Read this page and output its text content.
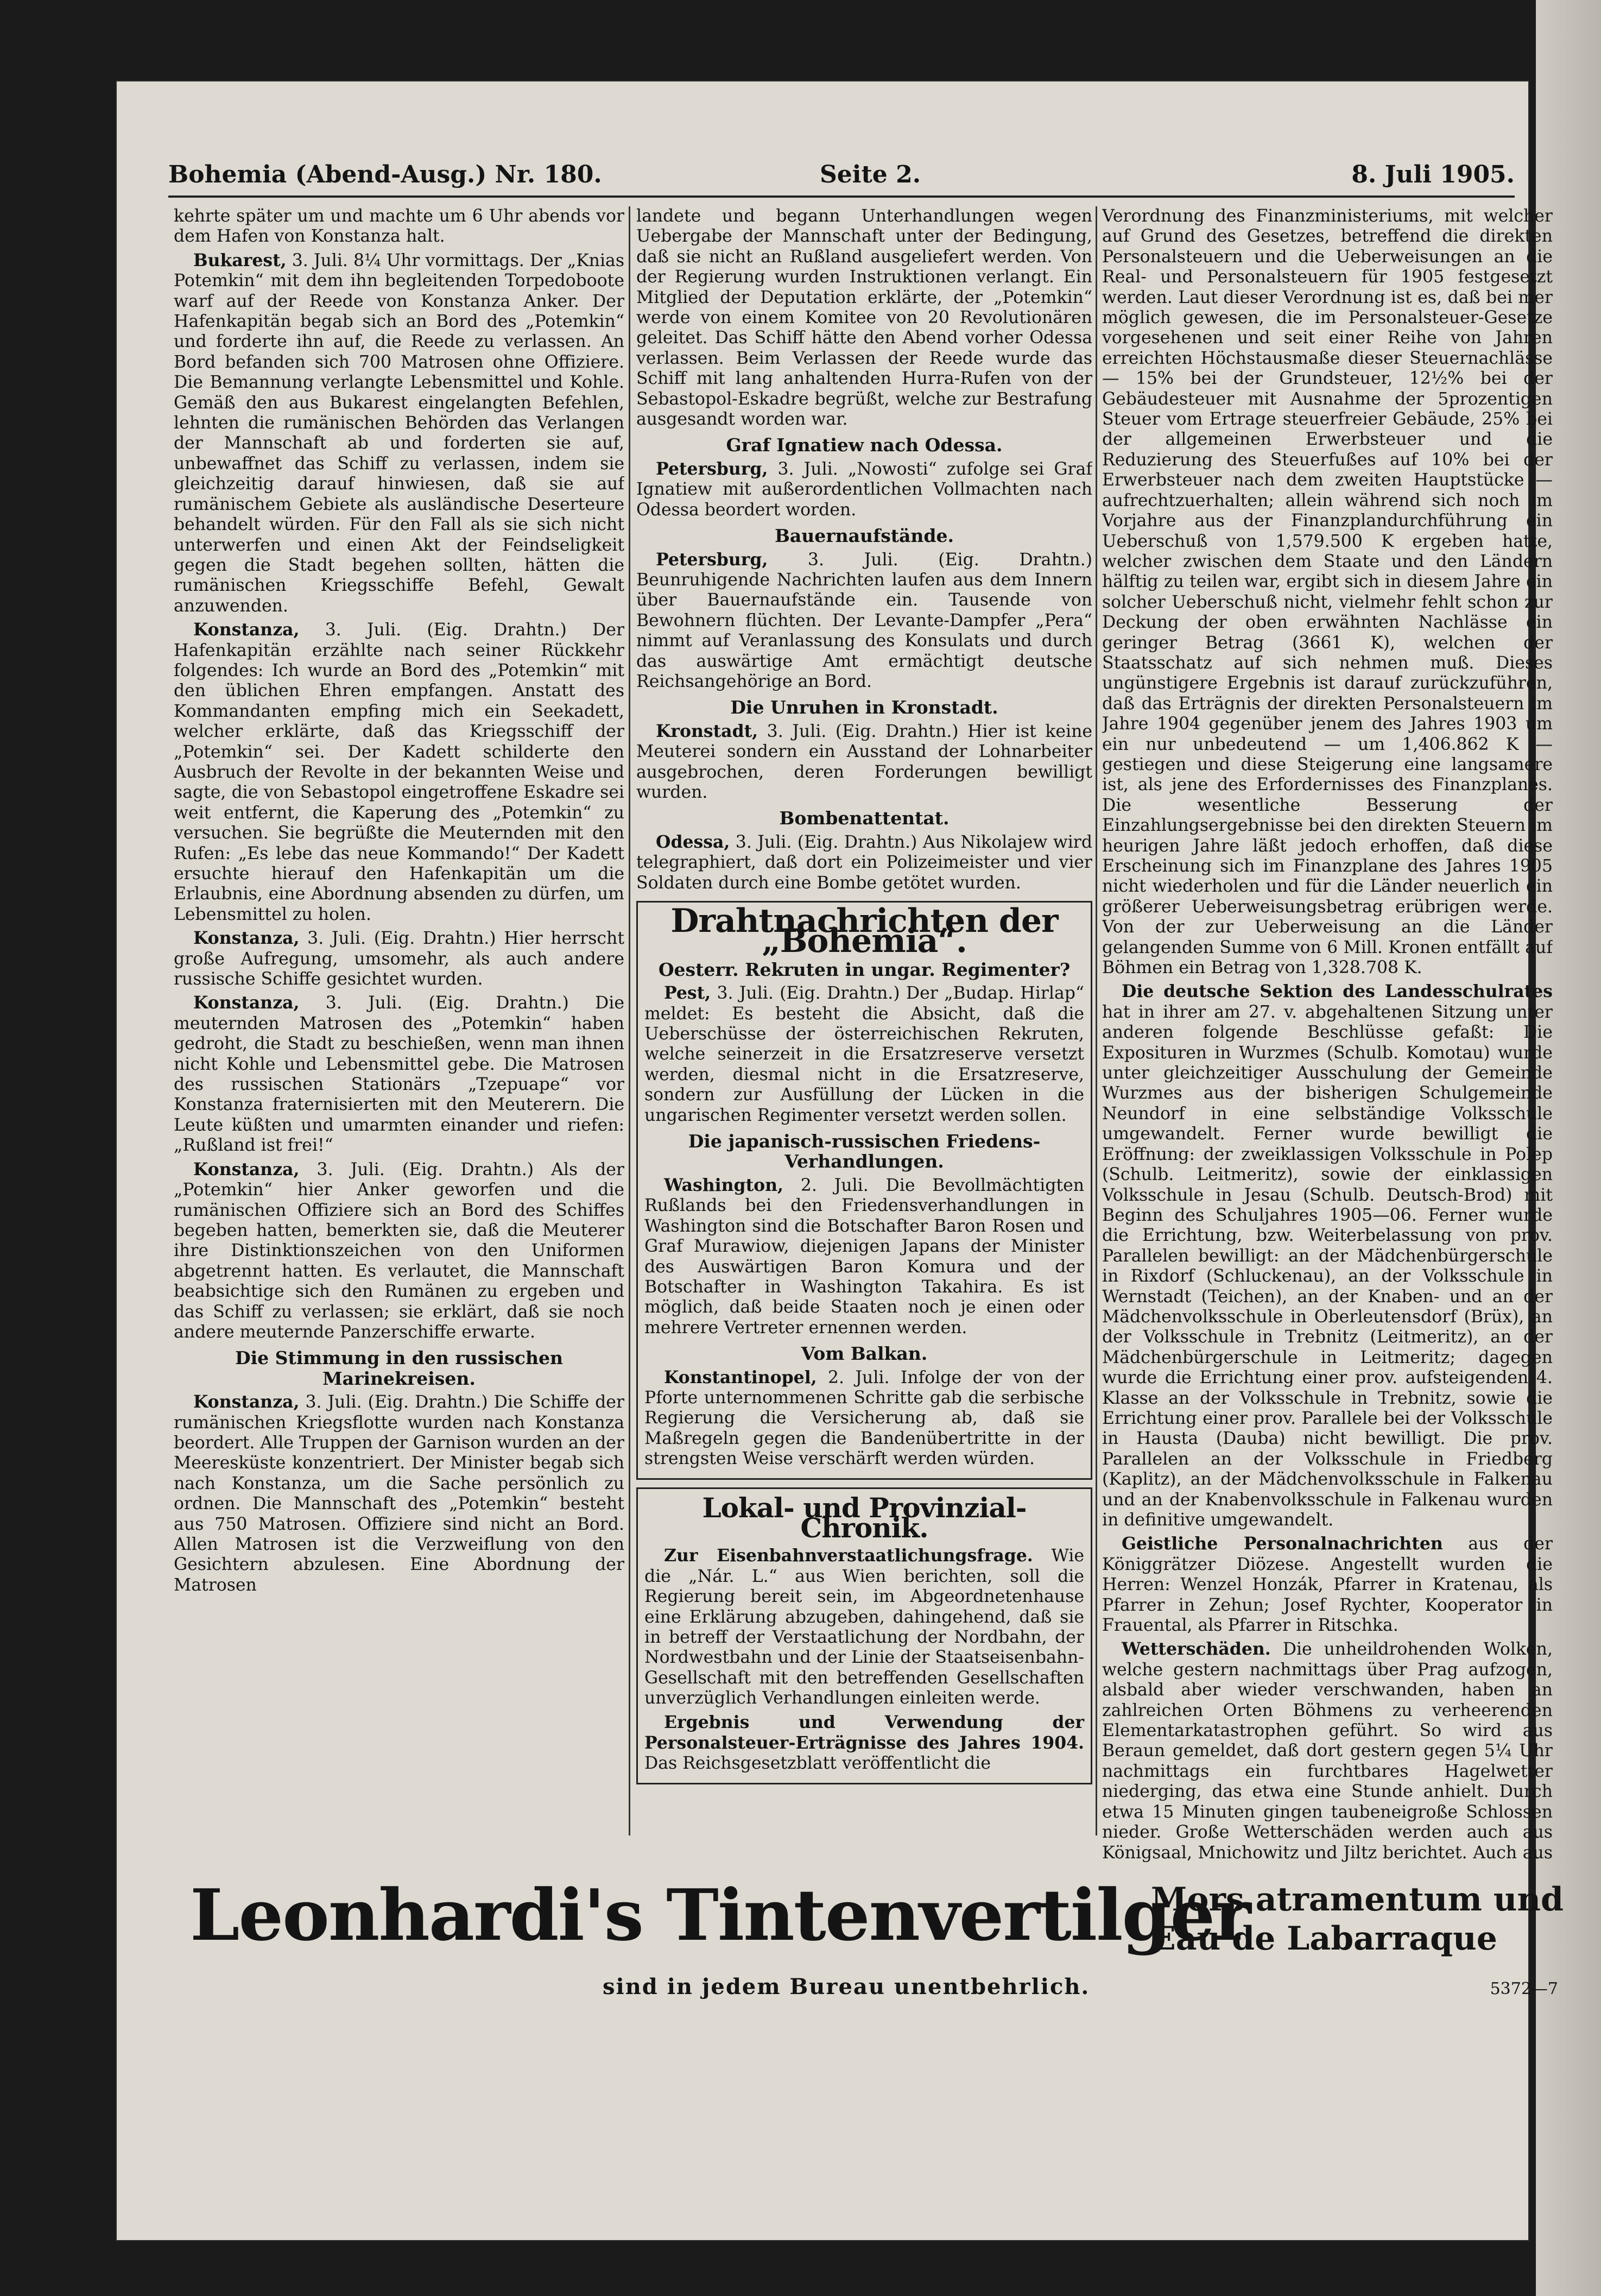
Bohemia (Abend-Ausg.) Nr. 180.	Seite 2.	8. Juli 1905.

kehrte später um und machte um 6 Uhr abends vor dem Hafen von Konstanza halt.

Bukarest, 3. Juli. 8¼ Uhr vormittags. Der „Knias Potemkin“ mit dem ihn begleitenden Torpedoboote warf auf der Reede von Konstanza Anker. Der Hafenkapitän begab sich an Bord des „Potemkin“ und forderte ihn auf, die Reede zu verlassen. An Bord befanden sich 700 Matrosen ohne Offiziere. Die Bemannung verlangte Lebensmittel und Kohle. Gemäß den aus Bukarest eingelangten Befehlen, lehnten die rumänischen Behörden das Verlangen der Mannschaft ab und forderten sie auf, unbewaffnet das Schiff zu verlassen, indem sie gleichzeitig darauf hinwiesen, daß sie auf rumänischem Gebiete als ausländische Deserteure behandelt würden. Für den Fall als sie sich nicht unterwerfen und einen Akt der Feindseligkeit gegen die Stadt begehen sollten, hätten die rumänischen Kriegsschiffe Befehl, Gewalt anzuwenden.

Konstanza, 3. Juli. (Eig. Drahtn.) Der Hafenkapitän erzählte nach seiner Rückkehr folgendes: Ich wurde an Bord des „Potemkin“ mit den üblichen Ehren empfangen. Anstatt des Kommandanten empfing mich ein Seekadett, welcher erklärte, daß das Kriegsschiff der „Potemkin“ sei. Der Kadett schilderte den Ausbruch der Revolte in der bekannten Weise und sagte, die von Sebastopol eingetroffene Eskadre sei weit entfernt, die Kaperung des „Potemkin“ zu versuchen. Sie begrüßte die Meuternden mit den Rufen: „Es lebe das neue Kommando!“ Der Kadett ersuchte hierauf den Hafenkapitän um die Erlaubnis, eine Abordnung absenden zu dürfen, um Lebensmittel zu holen.

Konstanza, 3. Juli. (Eig. Drahtn.) Hier herrscht große Aufregung, umsomehr, als auch andere russische Schiffe gesichtet wurden.

Konstanza, 3. Juli. (Eig. Drahtn.) Die meuternden Matrosen des „Potemkin“ haben gedroht, die Stadt zu beschießen, wenn man ihnen nicht Kohle und Lebensmittel gebe. Die Matrosen des russischen Stationärs „Tzepuape“ vor Konstanza fraternisierten mit den Meuterern. Die Leute küßten und umarmten einander und riefen: „Rußland ist frei!“

Konstanza, 3. Juli. (Eig. Drahtn.) Als der „Potemkin“ hier Anker geworfen und die rumänischen Offiziere sich an Bord des Schiffes begeben hatten, bemerkten sie, daß die Meuterer ihre Distinktionszeichen von den Uniformen abgetrennt hatten. Es verlautet, die Mannschaft beabsichtige sich den Rumänen zu ergeben und das Schiff zu verlassen; sie erklärt, daß sie noch andere meuternde Panzerschiffe erwarte.

Die Stimmung in den russischen Marinekreisen.

Konstanza, 3. Juli. (Eig. Drahtn.) Die Schiffe der rumänischen Kriegsflotte wurden nach Konstanza beordert. Alle Truppen der Garnison wurden an der Meeresküste konzentriert. Der Minister begab sich nach Konstanza, um die Sache persönlich zu ordnen. Die Mannschaft des „Potemkin“ besteht aus 750 Matrosen. Offiziere sind nicht an Bord. Allen Matrosen ist die Verzweiflung von den Gesichtern abzulesen. Eine Abordnung der Matrosen

landete und begann Unterhandlungen wegen Uebergabe der Mannschaft unter der Bedingung, daß sie nicht an Rußland ausgeliefert werden. Von der Regierung wurden Instruktionen verlangt. Ein Mitglied der Deputation erklärte, der „Potemkin“ werde von einem Komitee von 20 Revolutionären geleitet. Das Schiff hätte den Abend vorher Odessa verlassen. Beim Verlassen der Reede wurde das Schiff mit lang anhaltenden Hurra-Rufen von der Sebastopol-Eskadre begrüßt, welche zur Bestrafung ausgesandt worden war.

Graf Ignatiew nach Odessa.

Petersburg, 3. Juli. „Nowosti“ zufolge sei Graf Ignatiew mit außerordentlichen Vollmachten nach Odessa beordert worden.

Bauernaufstände.

Petersburg, 3. Juli. (Eig. Drahtn.) Beunruhigende Nachrichten laufen aus dem Innern über Bauernaufstände ein. Tausende von Bewohnern flüchten. Der Levante-Dampfer „Pera“ nimmt auf Veranlassung des Konsulats und durch das auswärtige Amt ermächtigt deutsche Reichsangehörige an Bord.

Die Unruhen in Kronstadt.

Kronstadt, 3. Juli. (Eig. Drahtn.) Hier ist keine Meuterei sondern ein Ausstand der Lohnarbeiter ausgebrochen, deren Forderungen bewilligt wurden.

Bombenattentat.

Odessa, 3. Juli. (Eig. Drahtn.) Aus Nikolajew wird telegraphiert, daß dort ein Polizeimeister und vier Soldaten durch eine Bombe getötet wurden.

Drahtnachrichten der „Bohemia“.
Oesterr. Rekruten in ungar. Regimenter?

Pest, 3. Juli. (Eig. Drahtn.) Der „Budap. Hirlap“ meldet: Es besteht die Absicht, daß die Ueberschüsse der österreichischen Rekruten, welche seinerzeit in die Ersatzreserve versetzt werden, diesmal nicht in die Ersatzreserve, sondern zur Ausfüllung der Lücken in die ungarischen Regimenter versetzt werden sollen.

Die japanisch-russischen Friedens-Verhandlungen.

Washington, 2. Juli. Die Bevollmächtigten Rußlands bei den Friedensverhandlungen in Washington sind die Botschafter Baron Rosen und Graf Murawiow, diejenigen Japans der Minister des Auswärtigen Baron Komura und der Botschafter in Washington Takahira. Es ist möglich, daß beide Staaten noch je einen oder mehrere Vertreter ernennen werden.

Vom Balkan.

Konstantinopel, 2. Juli. Infolge der von der Pforte unternommenen Schritte gab die serbische Regierung die Versicherung ab, daß sie Maßregeln gegen die Bandenübertritte in der strengsten Weise verschärft werden würden.

Lokal- und Provinzial-Chronik.

Zur Eisenbahnverstaatlichungsfrage. Wie die „Nár. L.“ aus Wien berichten, soll die Regierung bereit sein, im Abgeordnetenhause eine Erklärung abzugeben, dahingehend, daß sie in betreff der Verstaatlichung der Nordbahn, der Nordwestbahn und der Linie der Staatseisenbahn-Gesellschaft mit den betreffenden Gesellschaften unverzüglich Verhandlungen einleiten werde.

Ergebnis und Verwendung der Personalsteuer-Erträgnisse des Jahres 1904. Das Reichsgesetzblatt veröffentlicht die

Verordnung des Finanzministeriums, mit welcher auf Grund des Gesetzes, betreffend die direkten Personalsteuern und die Ueberweisungen an die Real- und Personalsteuern für 1905 festgesetzt werden. Laut dieser Verordnung ist es, daß bei mer möglich gewesen, die im Personalsteuer-Gesetze vorgesehenen und seit einer Reihe von Jahren erreichten Höchstausmaße dieser Steuernachlässe — 15% bei der Grundsteuer, 12½% bei der Gebäudesteuer mit Ausnahme der 5prozentigen Steuer vom Ertrage steuerfreier Gebäude, 25% bei der allgemeinen Erwerbsteuer und die Reduzierung des Steuerfußes auf 10% bei der Erwerbsteuer nach dem zweiten Hauptstücke — aufrechtzuerhalten; allein während sich noch im Vorjahre aus der Finanzplandurchführung ein Ueberschuß von 1,579.500 K ergeben hatte, welcher zwischen dem Staate und den Ländern hälftig zu teilen war, ergibt sich in diesem Jahre ein solcher Ueberschuß nicht, vielmehr fehlt schon zur Deckung der oben erwähnten Nachlässe ein geringer Betrag (3661 K), welchen der Staatsschatz auf sich nehmen muß. Dieses ungünstigere Ergebnis ist darauf zurückzuführen, daß das Erträgnis der direkten Personalsteuern im Jahre 1904 gegenüber jenem des Jahres 1903 um ein nur unbedeutend — um 1,406.862 K — gestiegen und diese Steigerung eine langsamere ist, als jene des Erfordernisses des Finanzplanes. Die wesentliche Besserung der Einzahlungsergebnisse bei den direkten Steuern im heurigen Jahre läßt jedoch erhoffen, daß diese Erscheinung sich im Finanzplane des Jahres 1905 nicht wiederholen und für die Länder neuerlich ein größerer Ueberweisungsbetrag erübrigen werde. Von der zur Ueberweisung an die Länder gelangenden Summe von 6 Mill. Kronen entfällt auf Böhmen ein Betrag von 1,328.708 K.

Die deutsche Sektion des Landesschulrates hat in ihrer am 27. v. abgehaltenen Sitzung unter anderen folgende Beschlüsse gefaßt: Die Exposituren in Wurzmes (Schulb. Komotau) wurde unter gleichzeitiger Ausschulung der Gemeinde Wurzmes aus der bisherigen Schulgemeinde Neundorf in eine selbständige Volksschule umgewandelt. Ferner wurde bewilligt die Eröffnung: der zweiklassigen Volksschule in Polep (Schulb. Leitmeritz), sowie der einklassigen Volksschule in Jesau (Schulb. Deutsch-Brod) mit Beginn des Schuljahres 1905—06. Ferner wurde die Errichtung, bzw. Weiterbelassung von prov. Parallelen bewilligt: an der Mädchenbürgerschule in Rixdorf (Schluckenau), an der Volksschule in Wernstadt (Teichen), an der Knaben- und an der Mädchenvolksschule in Oberleutensdorf (Brüx), an der Volksschule in Trebnitz (Leitmeritz), an der Mädchenbürgerschule in Leitmeritz; dagegen wurde die Errichtung einer prov. aufsteigenden 4. Klasse an der Volksschule in Trebnitz, sowie die Errichtung einer prov. Parallele bei der Volksschule in Hausta (Dauba) nicht bewilligt. Die prov. Parallelen an der Volksschule in Friedberg (Kaplitz), an der Mädchenvolksschule in Falkenau und an der Knabenvolksschule in Falkenau wurden in definitive umgewandelt.

Geistliche Personalnachrichten aus der Königgrätzer Diözese. Angestellt wurden die Herren: Wenzel Honzák, Pfarrer in Kratenau, als Pfarrer in Zehun; Josef Rychter, Kooperator in Frauental, als Pfarrer in Ritschka.

Wetterschäden. Die unheildrohenden Wolken, welche gestern nachmittags über Prag aufzogen, alsbald aber wieder verschwanden, haben an zahlreichen Orten Böhmens zu verheerenden Elementarkatastrophen geführt. So wird aus Beraun gemeldet, daß dort gestern gegen 5¼ Uhr nachmittags ein furchtbares Hagelwetter niederging, das etwa eine Stunde anhielt. Durch etwa 15 Minuten gingen taubeneigroße Schlossen nieder. Große Wetterschäden werden auch aus Königsaal, Mnichowitz und Jiltz berichtet. Auch aus

Leonhardi's Tintenvertilger
Mors atramentum und
Eau de Labarraque
sind in jedem Bureau unentbehrlich.	5372—7
